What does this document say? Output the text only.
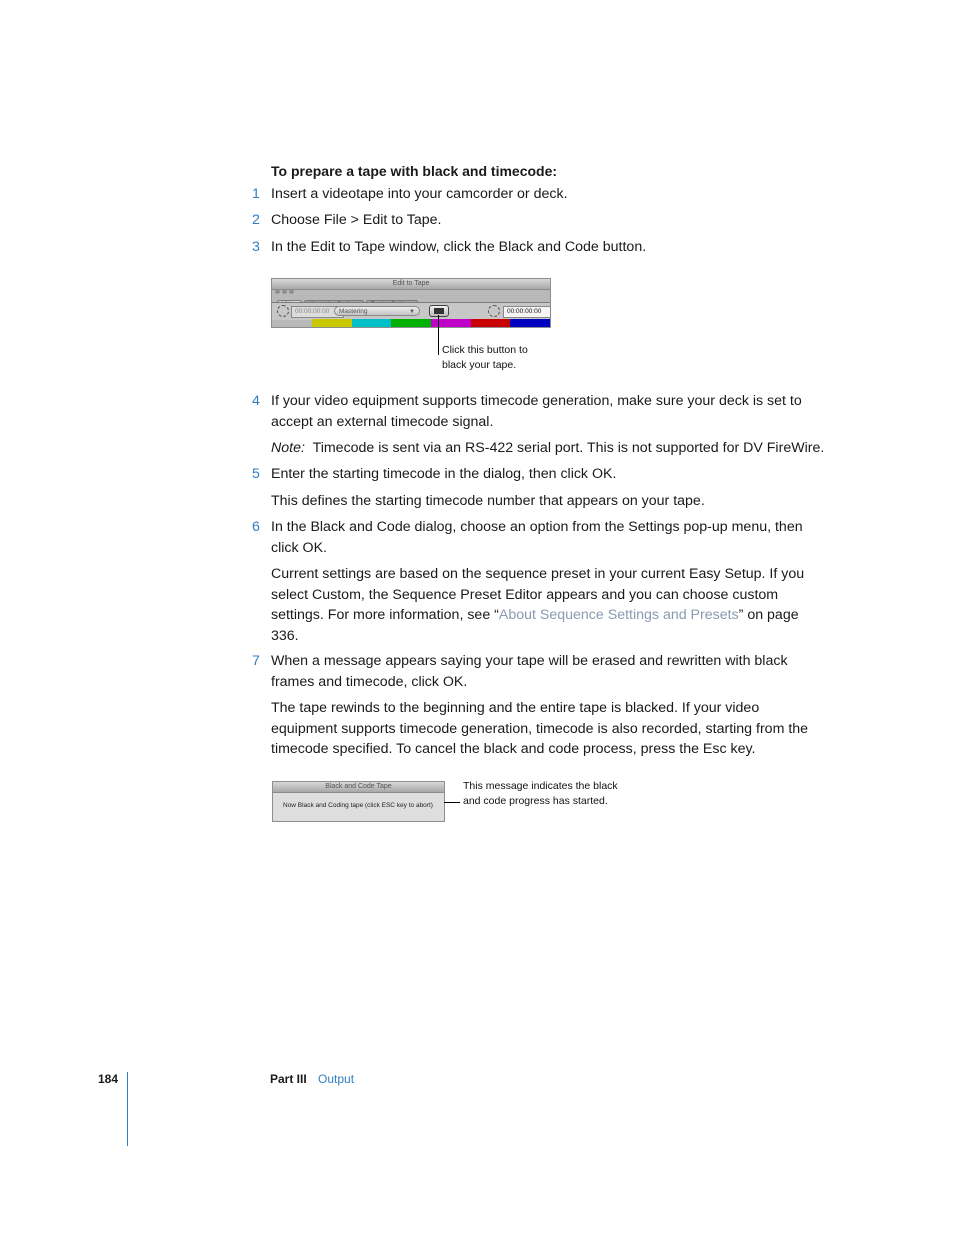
To prepare a tape with black and timecode:
1 Insert a videotape into your camcorder or deck.
2 Choose File > Edit to Tape.
3 In the Edit to Tape window, click the Black and Code button.
Edit to Tape
00:00:00:00	Mastering	▼	00:00:00:00
Click this button to
black your tape.
4 If your video equipment supports timecode generation, make sure your deck is set to accept an external timecode signal.
Note: Timecode is sent via an RS-422 serial port. This is not supported for DV FireWire.
5 Enter the starting timecode in the dialog, then click OK.
This defines the starting timecode number that appears on your tape.
6 In the Black and Code dialog, choose an option from the Settings pop-up menu, then click OK.
Current settings are based on the sequence preset in your current Easy Setup. If you select Custom, the Sequence Preset Editor appears and you can choose custom settings. For more information, see “About Sequence Settings and Presets” on page 336.
7 When a message appears saying your tape will be erased and rewritten with black frames and timecode, click OK.
The tape rewinds to the beginning and the entire tape is blacked. If your video equipment supports timecode generation, timecode is also recorded, starting from the timecode specified. To cancel the black and code process, press the Esc key.
Black and Code Tape
Now Black and Coding tape (click ESC key to abort)
This message indicates the black
and code progress has started.
184	Part III Output
